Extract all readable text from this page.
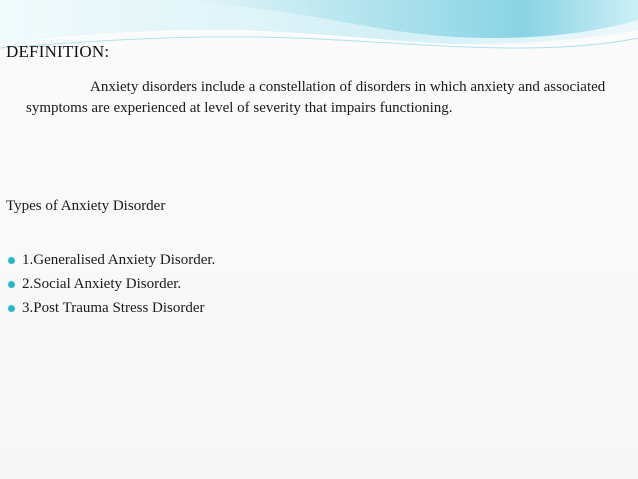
DEFINITION:
Anxiety disorders include a constellation of disorders in which anxiety and associated symptoms are experienced at level of severity that impairs functioning.
Types of Anxiety Disorder
1.Generalised Anxiety Disorder.
2.Social Anxiety Disorder.
3.Post Trauma Stress Disorder
